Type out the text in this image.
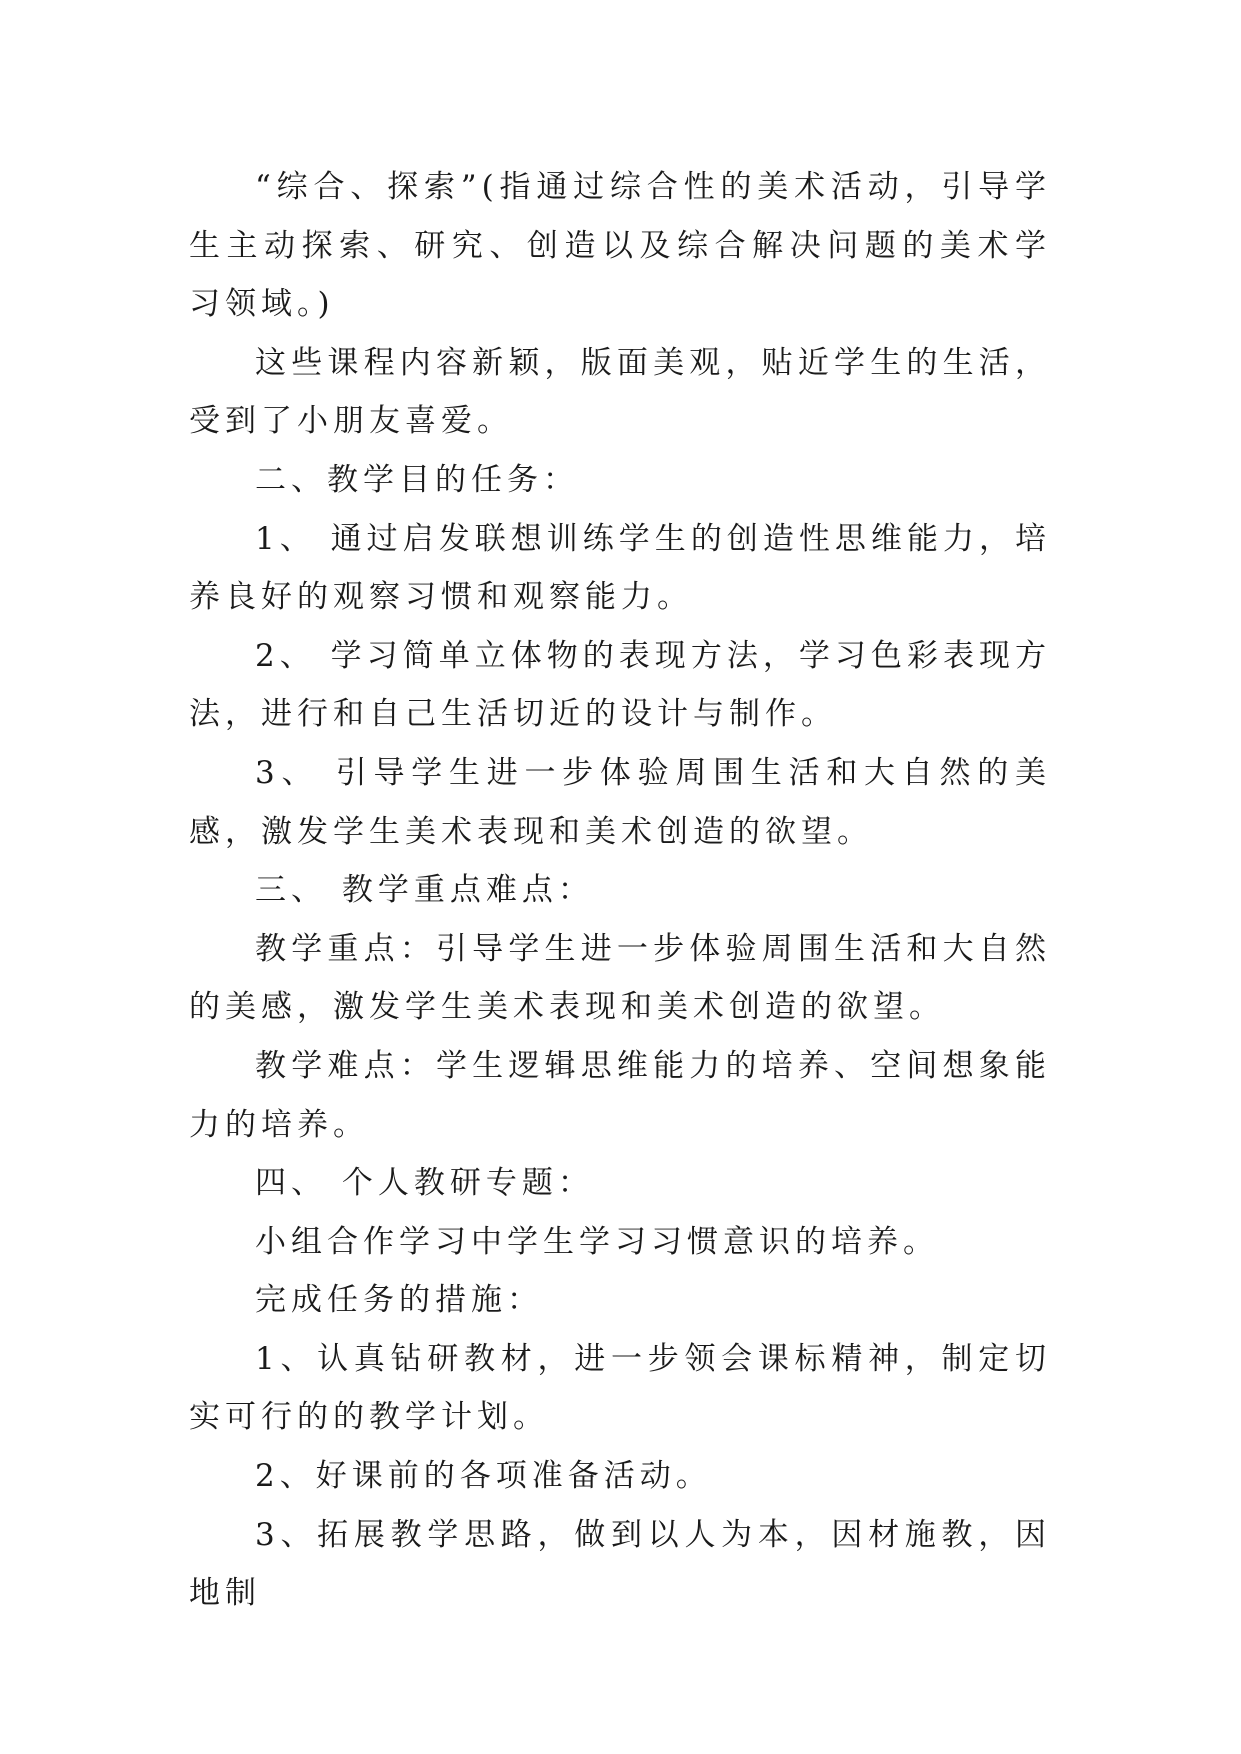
“综合、探索”(指通过综合性的美术活动，引导学生主动探索、研究、创造以及综合解决问题的美术学习领域。)

这些课程内容新颖，版面美观，贴近学生的生活，受到了小朋友喜爱。

二、教学目的任务：

1、 通过启发联想训练学生的创造性思维能力，培养良好的观察习惯和观察能力。

2、 学习简单立体物的表现方法，学习色彩表现方法，进行和自己生活切近的设计与制作。

3、 引导学生进一步体验周围生活和大自然的美感，激发学生美术表现和美术创造的欲望。

三、 教学重点难点：

教学重点：引导学生进一步体验周围生活和大自然的美感，激发学生美术表现和美术创造的欲望。

教学难点：学生逻辑思维能力的培养、空间想象能力的培养。

四、 个人教研专题：

小组合作学习中学生学习习惯意识的培养。

完成任务的措施：

1、认真钻研教材，进一步领会课标精神，制定切实可行的的教学计划。

2、好课前的各项准备活动。

3、拓展教学思路，做到以人为本，因材施教，因地制
